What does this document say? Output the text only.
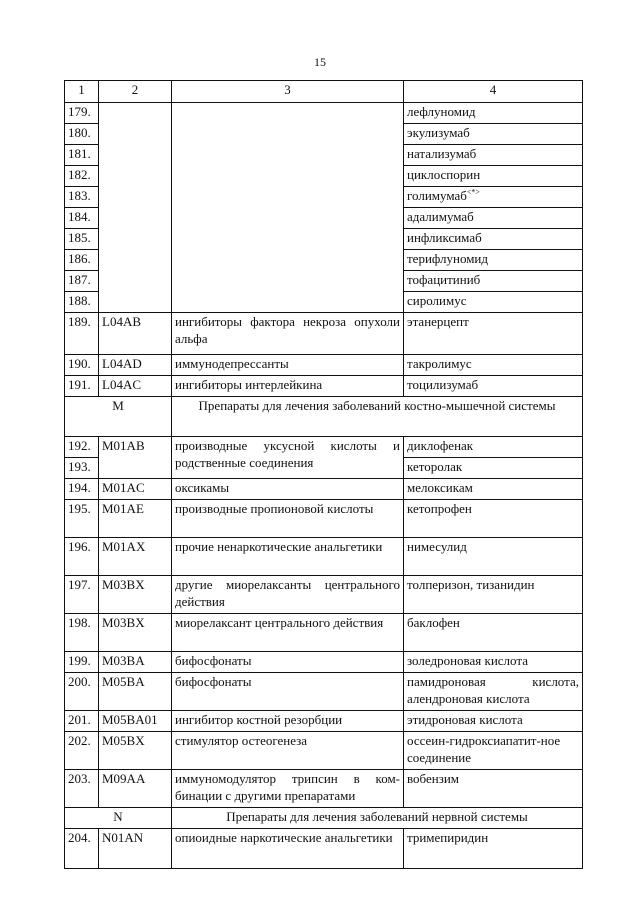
15
1	2	3	4
179.			лефлуномид
180.			экулизумаб
181.			натализумаб
182.			циклоспорин
183.			голимумаб<*>
184.			адалимумаб
185.			инфликсимаб
186.			терифлуномид
187.			тофацитиниб
188.			сиролимус
189.	L04AB	ингибиторы фактора некроза опухоли альфа	этанерцепт
190.	L04AD	иммунодепрессанты	такролимус
191.	L04AC	ингибиторы интерлейкина	тоцилизумаб
M		Препараты для лечения заболеваний костно-мышечной системы	
192.	M01AB	производные уксусной кислоты и родственные соединения	диклофенак
193.			кеторолак
194.	M01AC	оксикамы	мелоксикам
195.	M01AE	производные пропионовой кислоты	кетопрофен
196.	M01AX	прочие ненаркотические анальгетики	нимесулид
197.	M03BX	другие миорелаксанты центрального действия	толперизон, тизанидин
198.	M03BX	миорелаксант центрального действия	баклофен
199.	M03BA	бифосфонаты	золедроновая кислота
200.	M05BA	бифосфонаты	памидроновая кислота, алендроновая кислота
201.	M05BA01	ингибитор костной резорбции	этидроновая кислота
202.	M05BX	стимулятор остеогенеза	оссеин-гидроксиапатит-ное соединение
203.	M09AA	иммуномодулятор трипсин в ком-бинации с другими препаратами	вобензим
N		Препараты для лечения заболеваний нервной системы	
204.	N01AN	опиоидные наркотические анальгетики	тримепиридин
